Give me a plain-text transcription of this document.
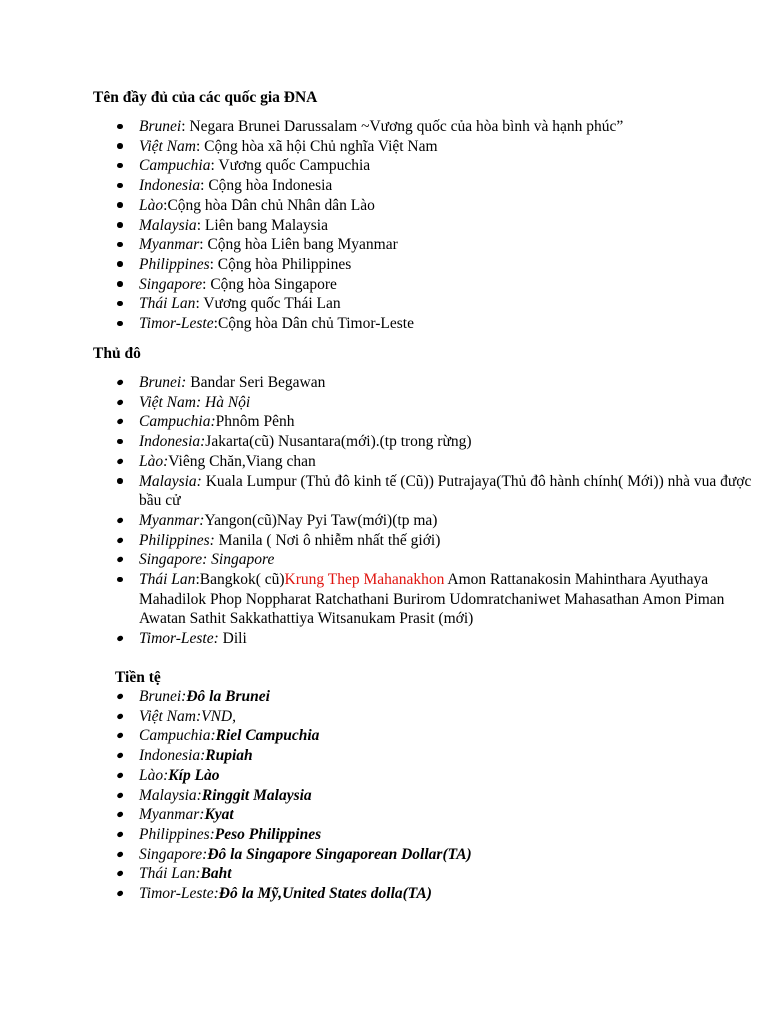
Tên đầy đủ của các quốc gia ĐNA

Brunei: Negara Brunei Darussalam ~Vương quốc của hòa bình và hạnh phúc”
Việt Nam: Cộng hòa xã hội Chủ nghĩa Việt Nam
Campuchia: Vương quốc Campuchia
Indonesia: Cộng hòa Indonesia
Lào:Cộng hòa Dân chủ Nhân dân Lào
Malaysia: Liên bang Malaysia
Myanmar: Cộng hòa Liên bang Myanmar
Philippines: Cộng hòa Philippines
Singapore: Cộng hòa Singapore
Thái Lan: Vương quốc Thái Lan
Timor-Leste:Cộng hòa Dân chủ Timor-Leste

Thủ đô

Brunei: Bandar Seri Begawan
Việt Nam: Hà Nội
Campuchia:Phnôm Pênh
Indonesia:Jakarta(cũ) Nusantara(mới).(tp trong rừng)
Lào:Viêng Chăn,Viang chan
Malaysia: Kuala Lumpur (Thủ đô kinh tế (Cũ)) Putrajaya(Thủ đô hành chính( Mới)) nhà vua được bầu cử
Myanmar:Yangon(cũ)Nay Pyi Taw(mới)(tp ma)
Philippines: Manila ( Nơi ô nhiễm nhất thế giới)
Singapore: Singapore
Thái Lan:Bangkok( cũ)Krung Thep Mahanakhon Amon Rattanakosin Mahinthara Ayuthaya Mahadilok Phop Noppharat Ratchathani Burirom Udomratchaniwet Mahasathan Amon Piman Awatan Sathit Sakkathattiya Witsanukam Prasit (mới)
Timor-Leste: Dili

Tiền tệ

Brunei:Đô la Brunei
Việt Nam:VND,
Campuchia:Riel Campuchia
Indonesia:Rupiah
Lào:Kíp Lào
Malaysia:Ringgit Malaysia
Myanmar:Kyat
Philippines:Peso Philippines
Singapore:Đô la Singapore Singaporean Dollar(TA)
Thái Lan:Baht
Timor-Leste:Đô la Mỹ,United States dolla(TA)
